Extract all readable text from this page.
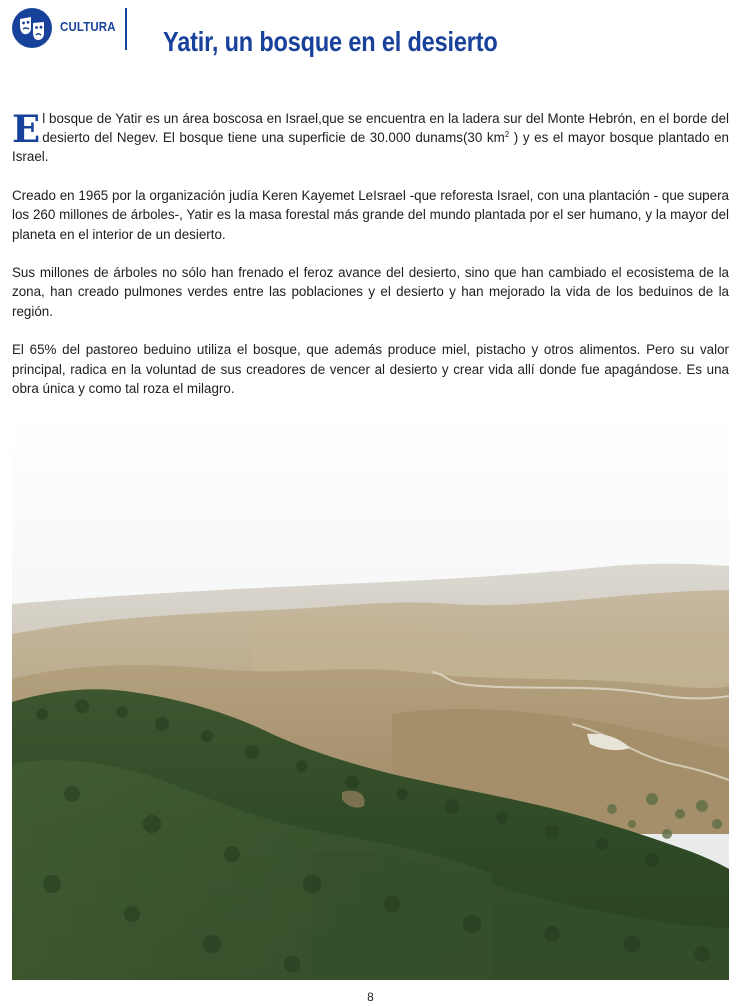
CULTURA Yatir, un bosque en el desierto

El bosque de Yatir es un área boscosa en Israel,que se encuentra en la ladera sur del Monte Hebrón, en el borde del desierto del Negev. El bosque tiene una superficie de 30.000 dunams(30 $km^2$ ) y es el mayor bosque plantado en Israel.

Creado en 1965 por la organización judía Keren Kayemet LeIsrael -que reforesta Israel, con una plantación - que supera los 260 millones de árboles-, Yatir es la masa forestal más grande del mundo plantada por el ser humano, y la mayor del planeta en el interior de un desierto.

Sus millones de árboles no sólo han frenado el feroz avance del desierto, sino que han cambiado el ecosistema de la zona, han creado pulmones verdes entre las poblaciones y el desierto y han mejorado la vida de los beduinos de la región.

El 65% del pastoreo beduino utiliza el bosque, que además produce miel, pistacho y otros alimentos. Pero su valor principal, radica en la voluntad de sus creadores de vencer al desierto y crear vida allí donde fue apagándose. Es una obra única y como tal roza el milagro.

8
